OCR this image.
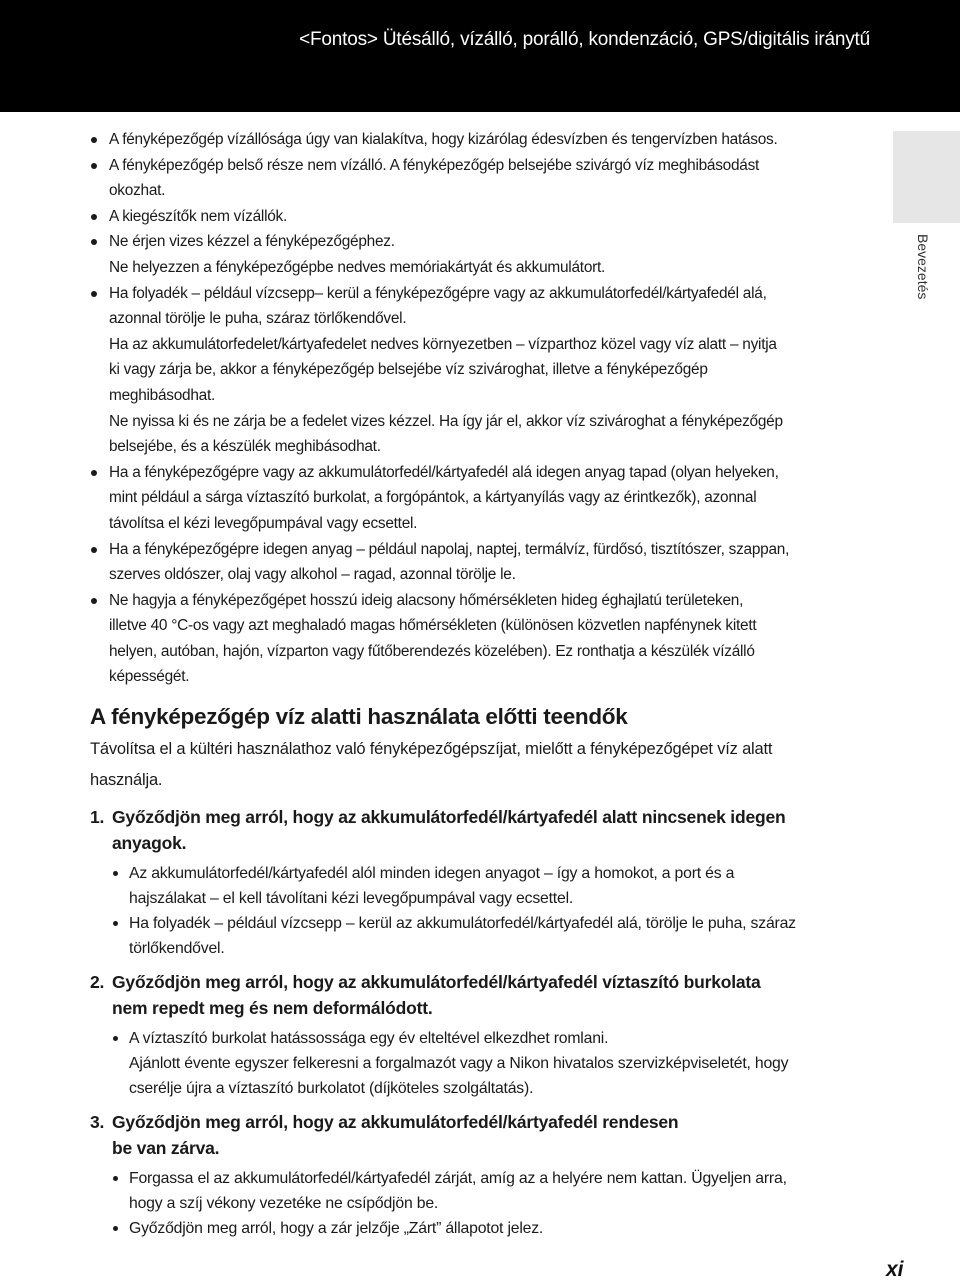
<Fontos> Ütésálló, vízálló, porálló, kondenzáció, GPS/digitális iránytű
Bevezetés
A fényképezőgép vízállósága úgy van kialakítva, hogy kizárólag édesvízben és tengervízben hatásos.
A fényképezőgép belső része nem vízálló. A fényképezőgép belsejébe szivárgó víz meghibásodást
okozhat.
A kiegészítők nem vízállók.
Ne érjen vizes kézzel a fényképezőgéphez.
Ne helyezzen a fényképezőgépbe nedves memóriakártyát és akkumulátort.
Ha folyadék – például vízcsepp– kerül a fényképezőgépre vagy az akkumulátorfedél/kártyafedél alá,
azonnal törölje le puha, száraz törlőkendővel.
Ha az akkumulátorfedelet/kártyafedelet nedves környezetben – vízparthoz közel vagy víz alatt – nyitja
ki vagy zárja be, akkor a fényképezőgép belsejébe víz szivároghat, illetve a fényképezőgép
meghibásodhat.
Ne nyissa ki és ne zárja be a fedelet vizes kézzel. Ha így jár el, akkor víz szivároghat a fényképezőgép
belsejébe, és a készülék meghibásodhat.
Ha a fényképezőgépre vagy az akkumulátorfedél/kártyafedél alá idegen anyag tapad (olyan helyeken,
mint például a sárga víztaszító burkolat, a forgópántok, a kártyanyílás vagy az érintkezők), azonnal
távolítsa el kézi levegőpumpával vagy ecsettel.
Ha a fényképezőgépre idegen anyag – például napolaj, naptej, termálvíz, fürdősó, tisztítószer, szappan,
szerves oldószer, olaj vagy alkohol – ragad, azonnal törölje le.
Ne hagyja a fényképezőgépet hosszú ideig alacsony hőmérsékleten hideg éghajlatú területeken,
illetve 40 °C-os vagy azt meghaladó magas hőmérsékleten (különösen közvetlen napfénynek kitett
helyen, autóban, hajón, vízparton vagy fűtőberendezés közelében). Ez ronthatja a készülék vízálló
képességét.
A fényképezőgép víz alatti használata előtti teendők
Távolítsa el a kültéri használathoz való fényképezőgépszíjat, mielőtt a fényképezőgépet víz alatt
használja.
1. Győződjön meg arról, hogy az akkumulátorfedél/kártyafedél alatt nincsenek idegen
anyagok.
Az akkumulátorfedél/kártyafedél alól minden idegen anyagot – így a homokot, a port és a
hajszálakat – el kell távolítani kézi levegőpumpával vagy ecsettel.
Ha folyadék – például vízcsepp – kerül az akkumulátorfedél/kártyafedél alá, törölje le puha, száraz
törlőkendővel.
2. Győződjön meg arról, hogy az akkumulátorfedél/kártyafedél víztaszító burkolata
nem repedt meg és nem deformálódott.
A víztaszító burkolat hatássossága egy év elteltével elkezdhet romlani.
Ajánlott évente egyszer felkeresni a forgalmazót vagy a Nikon hivatalos szervizképviseletét, hogy
cserélje újra a víztaszító burkolatot (díjköteles szolgáltatás).
3. Győződjön meg arról, hogy az akkumulátorfedél/kártyafedél rendesen
be van zárva.
Forgassa el az akkumulátorfedél/kártyafedél zárját, amíg az a helyére nem kattan. Ügyeljen arra,
hogy a szíj vékony vezetéke ne csípődjön be.
Győződjön meg arról, hogy a zár jelzője „Zárt” állapotot jelez.
xi
